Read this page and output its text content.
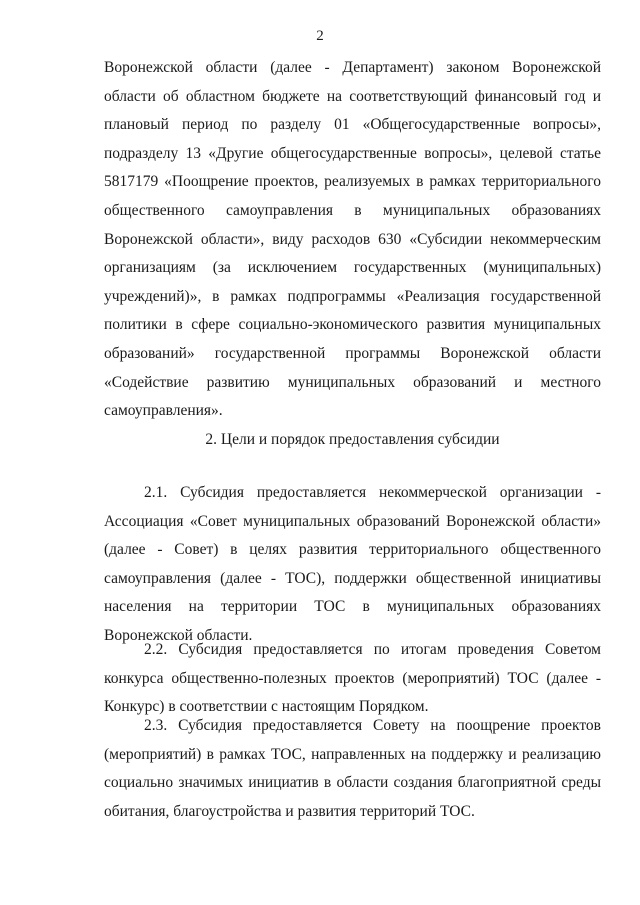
2

Воронежской области (далее - Департамент) законом Воронежской области об областном бюджете на соответствующий финансовый год и плановый период по разделу 01 «Общегосударственные вопросы», подразделу 13 «Другие общегосударственные вопросы», целевой статье 5817179 «Поощрение проектов, реализуемых в рамках территориального общественного самоуправления в муниципальных образованиях Воронежской области», виду расходов 630 «Субсидии некоммерческим организациям (за исключением государственных (муниципальных) учреждений)», в рамках подпрограммы «Реализация государственной политики в сфере социально-экономического развития муниципальных образований» государственной программы Воронежской области «Содействие развитию муниципальных образований и местного самоуправления».

2. Цели и порядок предоставления субсидии

2.1. Субсидия предоставляется некоммерческой организации - Ассоциация «Совет муниципальных образований Воронежской области» (далее - Совет) в целях развития территориального общественного самоуправления (далее - ТОС), поддержки общественной инициативы населения на территории ТОС в муниципальных образованиях Воронежской области.

2.2. Субсидия предоставляется по итогам проведения Советом конкурса общественно-полезных проектов (мероприятий) ТОС (далее - Конкурс) в соответствии с настоящим Порядком.

2.3. Субсидия предоставляется Совету на поощрение проектов (мероприятий) в рамках ТОС, направленных на поддержку и реализацию социально значимых инициатив в области создания благоприятной среды обитания, благоустройства и развития территорий ТОС.
